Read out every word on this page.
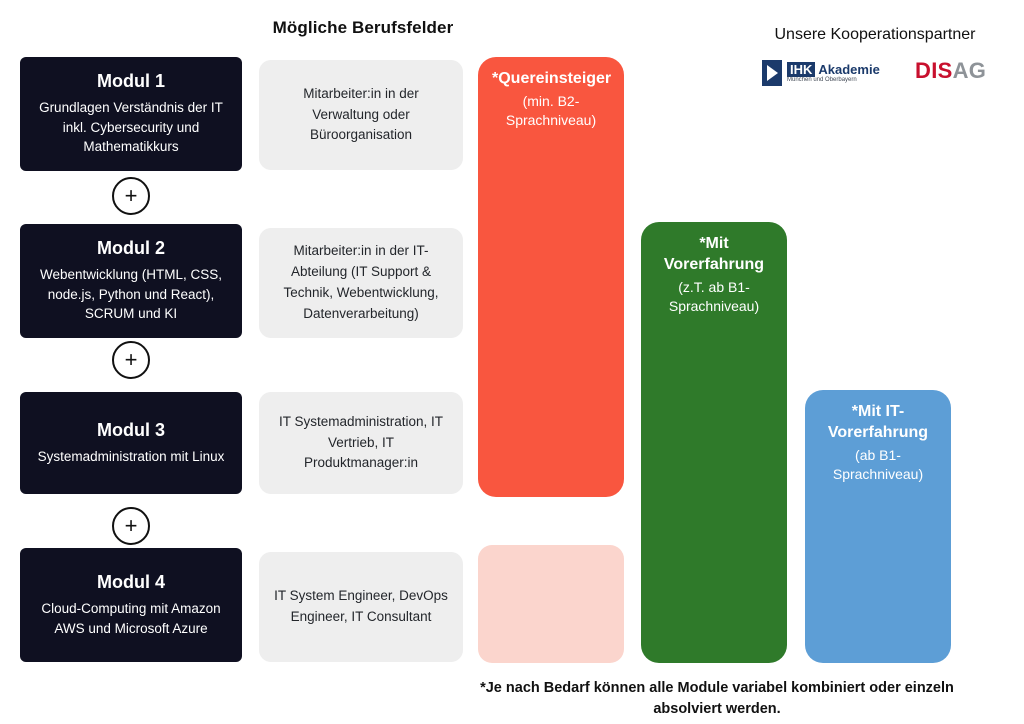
Mögliche Berufsfelder	Unsere Kooperationspartner
IHK Akademie
München und Oberbayern	DISAG
Modul 1
Grundlagen Verständnis der IT inkl. Cybersecurity und Mathematikkurs
Modul 2
Webentwicklung (HTML, CSS, node.js, Python und React), SCRUM und KI
Modul 3
Systemadministration mit Linux
Modul 4
Cloud-Computing mit Amazon AWS und Microsoft Azure
+
+
+
Mitarbeiter:in in der Verwaltung oder Büroorganisation
Mitarbeiter:in in der IT-Abteilung (IT Support & Technik, Webentwicklung, Datenverarbeitung)
IT Systemadministration, IT Vertrieb, IT Produktmanager:in
IT System Engineer, DevOps Engineer, IT Consultant
*Quereinsteiger
(min. B2-Sprachniveau)
*Mit Vorerfahrung
(z.T. ab B1-Sprachniveau)
*Mit IT-Vorerfahrung
(ab B1-Sprachniveau)
*Je nach Bedarf können alle Module variabel kombiniert oder einzeln absolviert werden.
